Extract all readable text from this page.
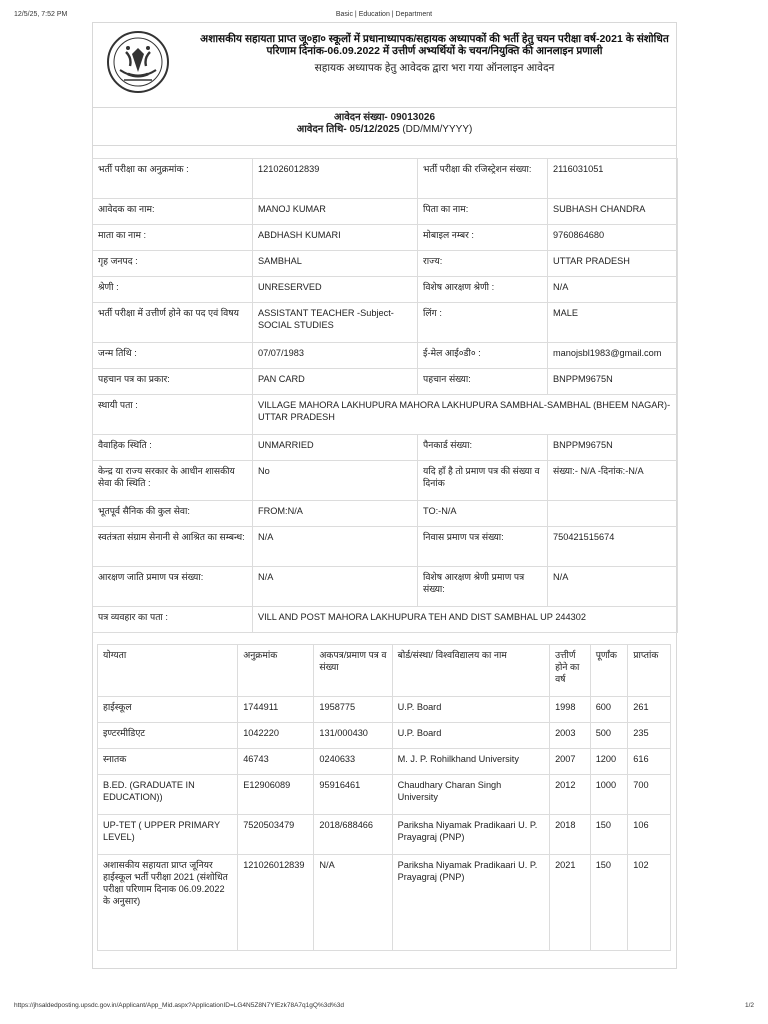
12/5/25, 7:52 PM	Basic | Education | Department
अशासकीय सहायता प्राप्त जू०हा० स्कूलों में प्रधानाध्यापक/सहायक अध्यापकों की भर्ती हेतु चयन परीक्षा वर्ष-2021 के संशोधित परिणाम दिनांक-06.09.2022 में उत्तीर्ण अभ्यर्थियों के चयन/नियुक्ति की आनलाइन प्रणाली
सहायक अध्यापक हेतु आवेदक द्वारा भरा गया ऑनलाइन आवेदन
आवेदन संख्या- 09013026
आवेदन तिथि- 05/12/2025 (DD/MM/YYYY)
भर्ती परीक्षा का अनुक्रमांक :	121026012839	भर्ती परीक्षा की रजिस्ट्रेशन संख्या:	2116031051
आवेदक का नाम:	MANOJ KUMAR	पिता का नाम:	SUBHASH CHANDRA
माता का नाम :	ABDHASH KUMARI	मोबाइल नम्बर :	9760864680
गृह जनपद :	SAMBHAL	राज्य:	UTTAR PRADESH
श्रेणी :	UNRESERVED	विशेष आरक्षण श्रेणी :	N/A
भर्ती परीक्षा में उत्तीर्ण होने का पद एवं विषय	ASSISTANT TEACHER -Subject-SOCIAL STUDIES	लिंग :	MALE
जन्म तिथि :	07/07/1983	ई-मेल आई०डी० :	manojsbl1983@gmail.com
पहचान पत्र का प्रकार:	PAN CARD	पहचान संख्या:	BNPPM9675N
स्थायी पता :	VILLAGE MAHORA LAKHUPURA MAHORA LAKHUPURA SAMBHAL-SAMBHAL (BHEEM NAGAR)-UTTAR PRADESH		
वैवाहिक स्थिति :	UNMARRIED	पैनकार्ड संख्या:	BNPPM9675N
केन्द्र या राज्य सरकार के आधीन शासकीय सेवा की स्थिति :	No	यदि हाँ है तो प्रमाण पत्र की संख्या व दिनांक	संख्या:- N/A -दिनांक:-N/A
भूतपूर्व सैनिक की कुल सेवा:	FROM:N/A	TO:-N/A	
स्वतंत्रता संग्राम सेनानी से आश्रित का सम्बन्ध:	N/A	निवास प्रमाण पत्र संख्या:	750421515674
आरक्षण जाति प्रमाण पत्र संख्या:	N/A	विशेष आरक्षण श्रेणी प्रमाण पत्र संख्या:	N/A
पत्र व्यवहार का पता :	VILL AND POST MAHORA LAKHUPURA TEH AND DIST SAMBHAL UP 244302		
योग्यता	अनुक्रमांक	अकपत्र/प्रमाण पत्र व संख्या	बोर्ड/संस्था/ विश्वविद्यालय का नाम	उत्तीर्ण होने का वर्ष	पूर्णांक	प्राप्तांक
हाईस्कूल	1744911	1958775	U.P. Board	1998	600	261
इण्टरमीडिएट	1042220	131/000430	U.P. Board	2003	500	235
स्नातक	46743	0240633	M. J. P. Rohilkhand University	2007	1200	616
B.ED. (GRADUATE IN EDUCATION))	E12906089	95916461	Chaudhary Charan Singh University	2012	1000	700
UP-TET ( UPPER PRIMARY LEVEL)	7520503479	2018/688466	Pariksha Niyamak Pradikaari U. P. Prayagraj (PNP)	2018	150	106
अशासकीय सहायता प्राप्त जूनियर हाईस्कूल भर्ती परीक्षा 2021 (संशोधित परीक्षा परिणाम दिनाक 06.09.2022 के अनुसार)	121026012839	N/A	Pariksha Niyamak Pradikaari U. P. Prayagraj (PNP)	2021	150	102
https://jhsaldedposting.upsdc.gov.in/Applicant/App_Mid.aspx?ApplicationID=LG4N5Z8N7YlEzk78A7q1gQ%3d%3d	1/2
